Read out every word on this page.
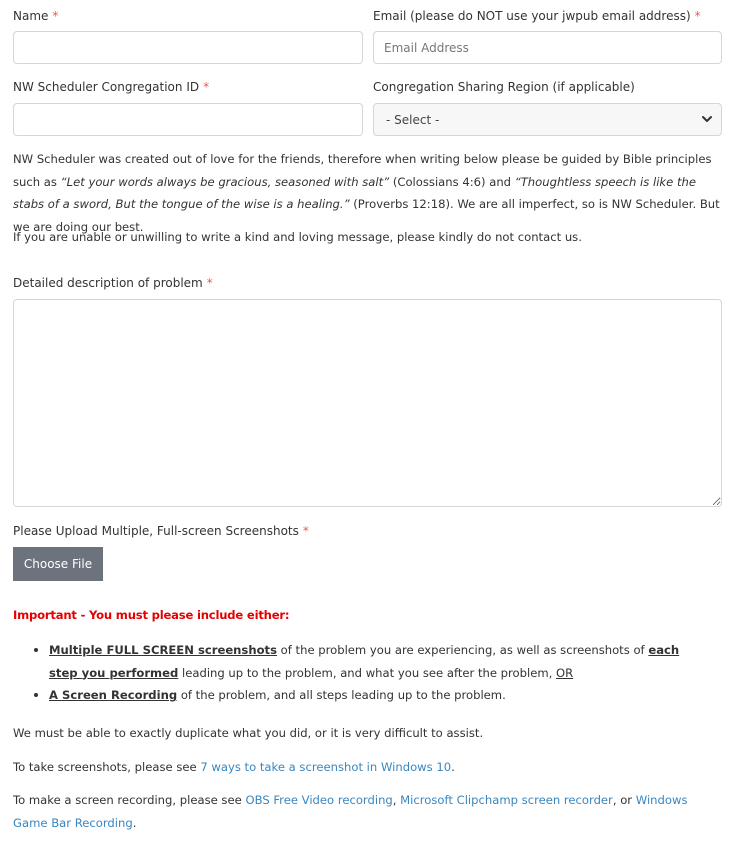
Name *	Email (please do NOT use your jwpub email address) *
Email Address
NW Scheduler Congregation ID *	Congregation Sharing Region (if applicable)
- Select -
NW Scheduler was created out of love for the friends, therefore when writing below please be guided by Bible principles such as “Let your words always be gracious, seasoned with salt” (Colossians 4:6) and “Thoughtless speech is like the stabs of a sword, But the tongue of the wise is a healing.” (Proverbs 12:18). We are all imperfect, so is NW Scheduler. But we are doing our best.
If you are unable or unwilling to write a kind and loving message, please kindly do not contact us.
Detailed description of problem *
Please Upload Multiple, Full-screen Screenshots *
Choose File
Important - You must please include either:
Multiple FULL SCREEN screenshots of the problem you are experiencing, as well as screenshots of each step you performed leading up to the problem, and what you see after the problem, OR
A Screen Recording of the problem, and all steps leading up to the problem.
We must be able to exactly duplicate what you did, or it is very difficult to assist.
To take screenshots, please see 7 ways to take a screenshot in Windows 10.
To make a screen recording, please see OBS Free Video recording, Microsoft Clipchamp screen recorder, or Windows Game Bar Recording.
